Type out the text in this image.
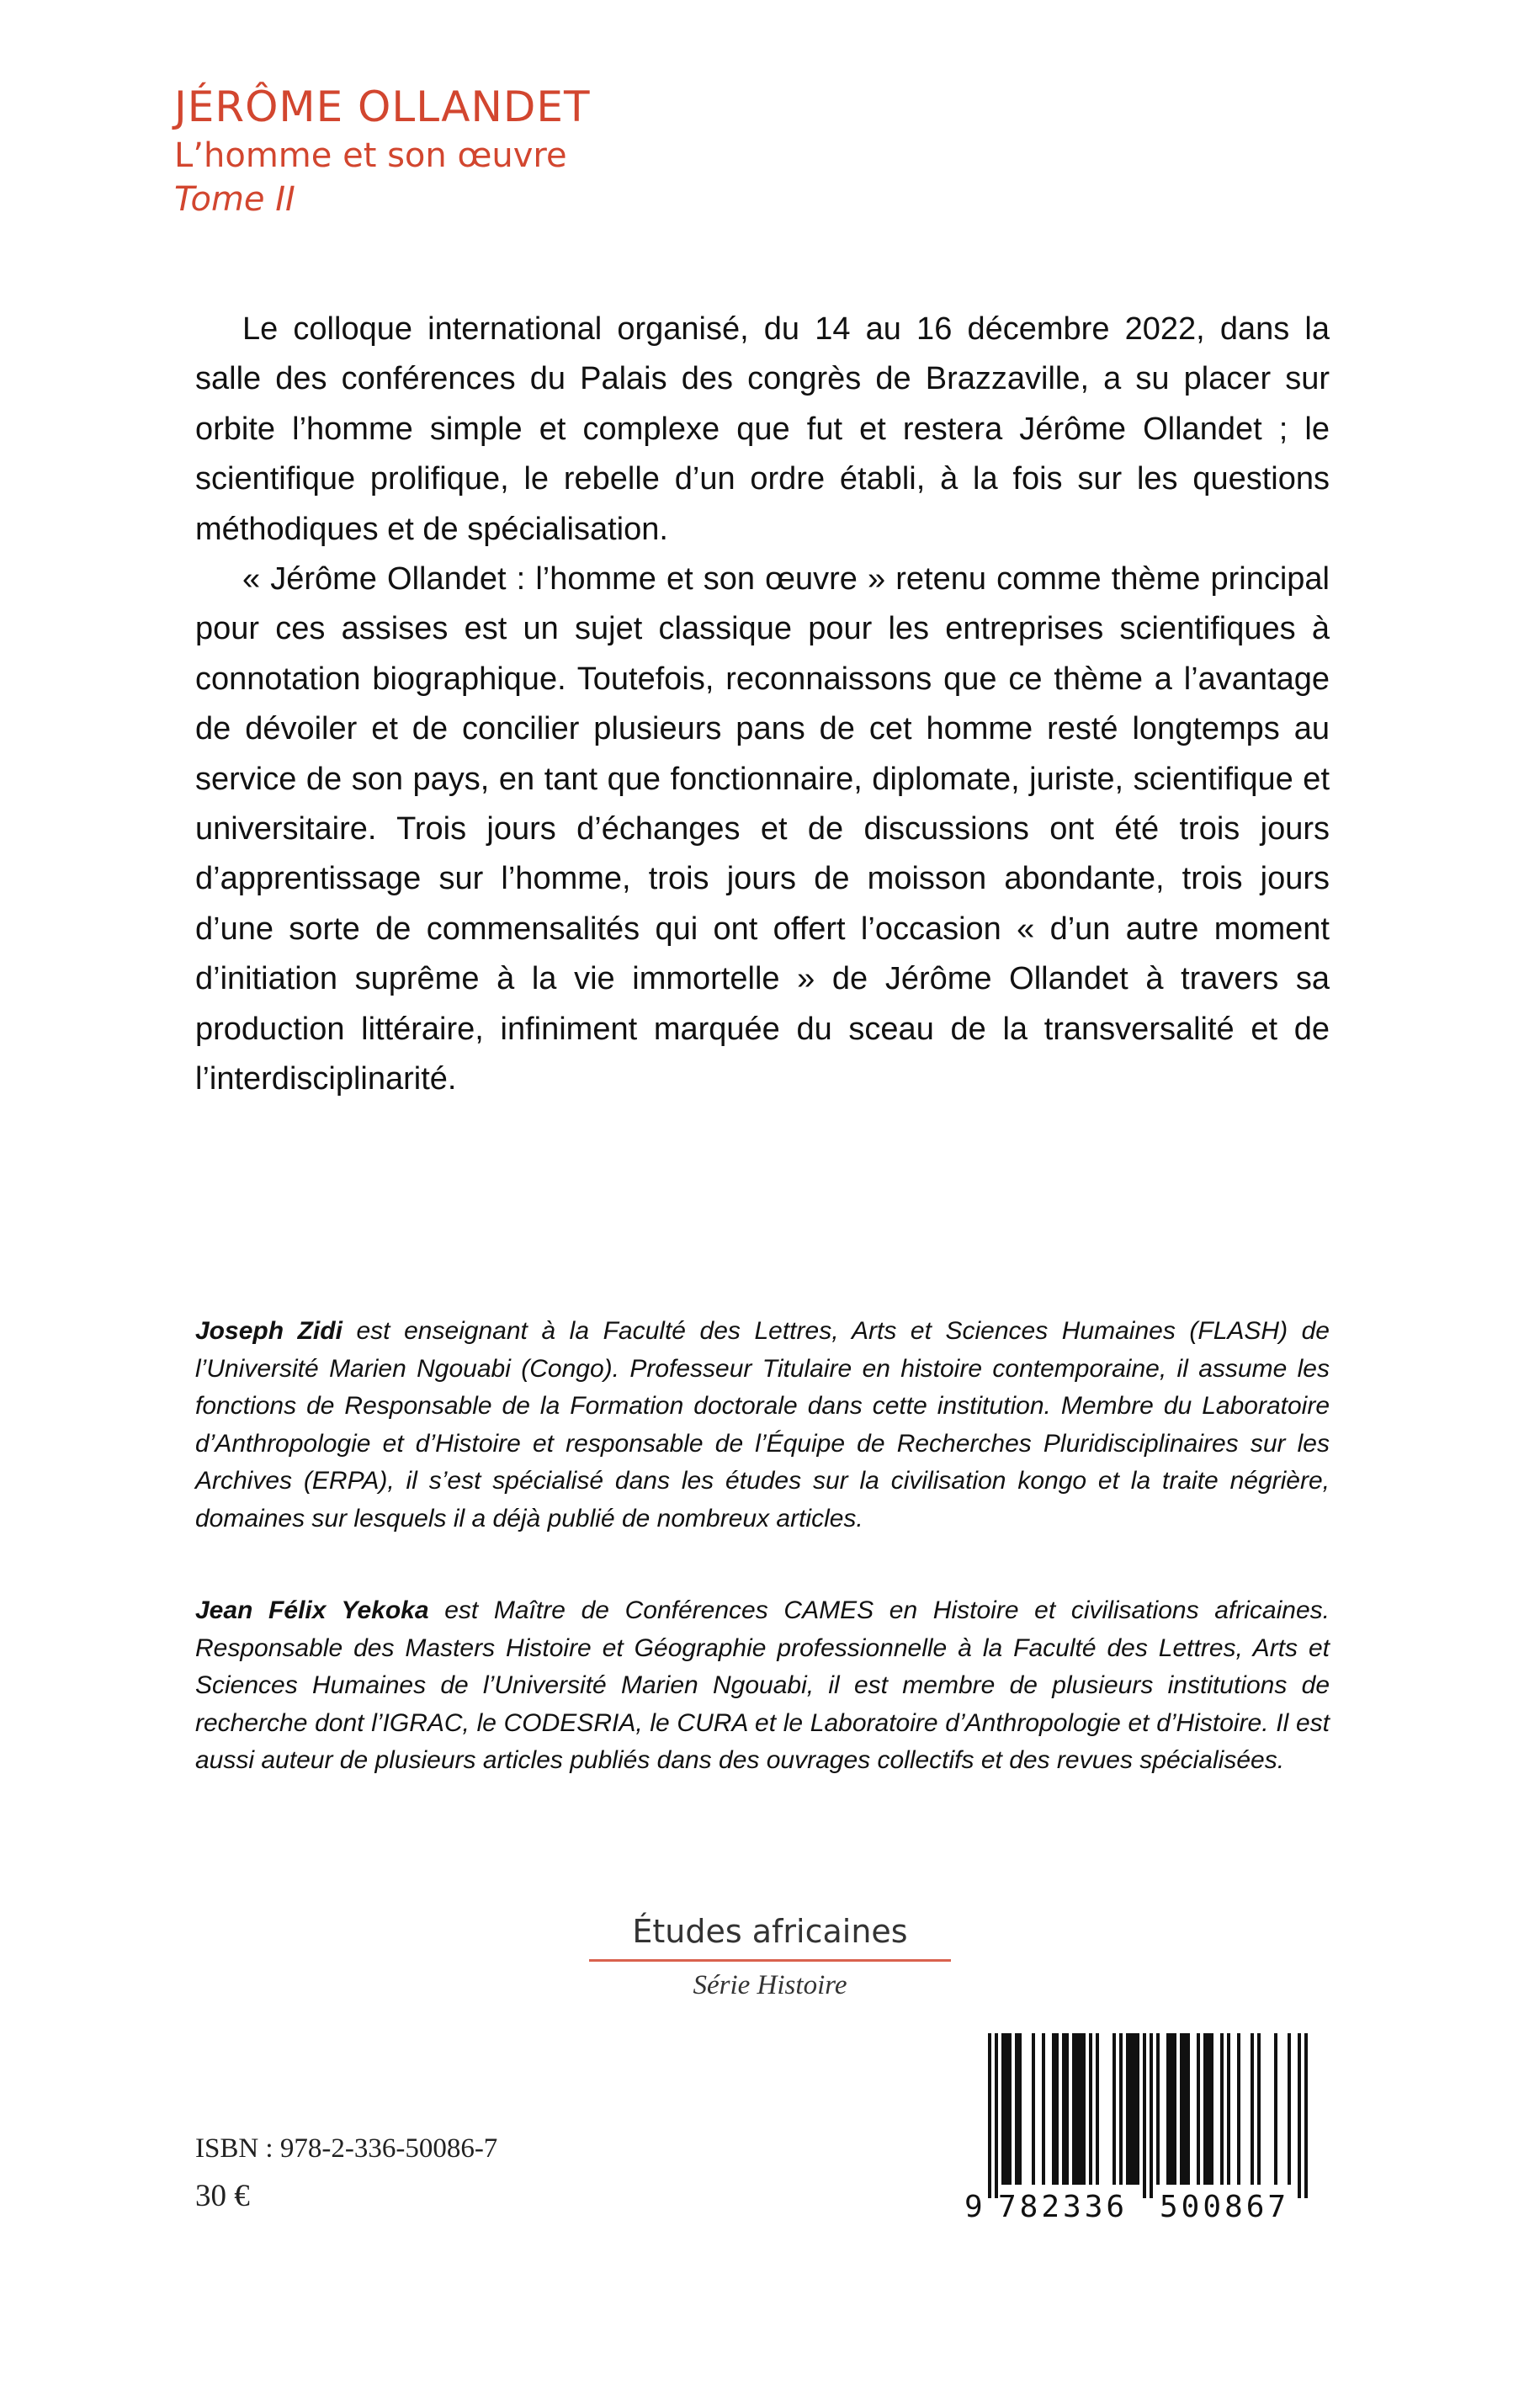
JÉRÔME OLLANDET
L’homme et son œuvre
Tome II

Le colloque international organisé, du 14 au 16 décembre 2022, dans la salle des conférences du Palais des congrès de Brazzaville, a su placer sur orbite l’homme simple et complexe que fut et restera Jérôme Ollandet ; le scientifique prolifique, le rebelle d’un ordre établi, à la fois sur les questions méthodiques et de spécialisation.

« Jérôme Ollandet : l’homme et son œuvre » retenu comme thème principal pour ces assises est un sujet classique pour les entreprises scientifiques à connotation biographique. Toutefois, reconnaissons que ce thème a l’avantage de dévoiler et de concilier plusieurs pans de cet homme resté longtemps au service de son pays, en tant que fonctionnaire, diplomate, juriste, scientifique et universitaire. Trois jours d’échanges et de discussions ont été trois jours d’apprentissage sur l’homme, trois jours de moisson abondante, trois jours d’une sorte de commensalités qui ont offert l’occasion « d’un autre moment d’initiation suprême à la vie immortelle » de Jérôme Ollandet à travers sa production littéraire, infiniment marquée du sceau de la transversalité et de l’interdisciplinarité.

Joseph Zidi est enseignant à la Faculté des Lettres, Arts et Sciences Humaines (FLASH) de l’Université Marien Ngouabi (Congo). Professeur Titulaire en histoire contemporaine, il assume les fonctions de Responsable de la Formation doctorale dans cette institution. Membre du Laboratoire d’Anthropologie et d’Histoire et responsable de l’Équipe de Recherches Pluridisciplinaires sur les Archives (ERPA), il s’est spécialisé dans les études sur la civilisation kongo et la traite négrière, domaines sur lesquels il a déjà publié de nombreux articles.

Jean Félix Yekoka est Maître de Conférences CAMES en Histoire et civilisations africaines. Responsable des Masters Histoire et Géographie professionnelle à la Faculté des Lettres, Arts et Sciences Humaines de l’Université Marien Ngouabi, il est membre de plusieurs institutions de recherche dont l’IGRAC, le CODESRIA, le CURA et le Laboratoire d’Anthropologie et d’Histoire. Il est aussi auteur de plusieurs articles publiés dans des ouvrages collectifs et des revues spécialisées.

Études africaines
Série Histoire
ISBN : 978-2-336-50086-7
30 €	9 782336 500867
